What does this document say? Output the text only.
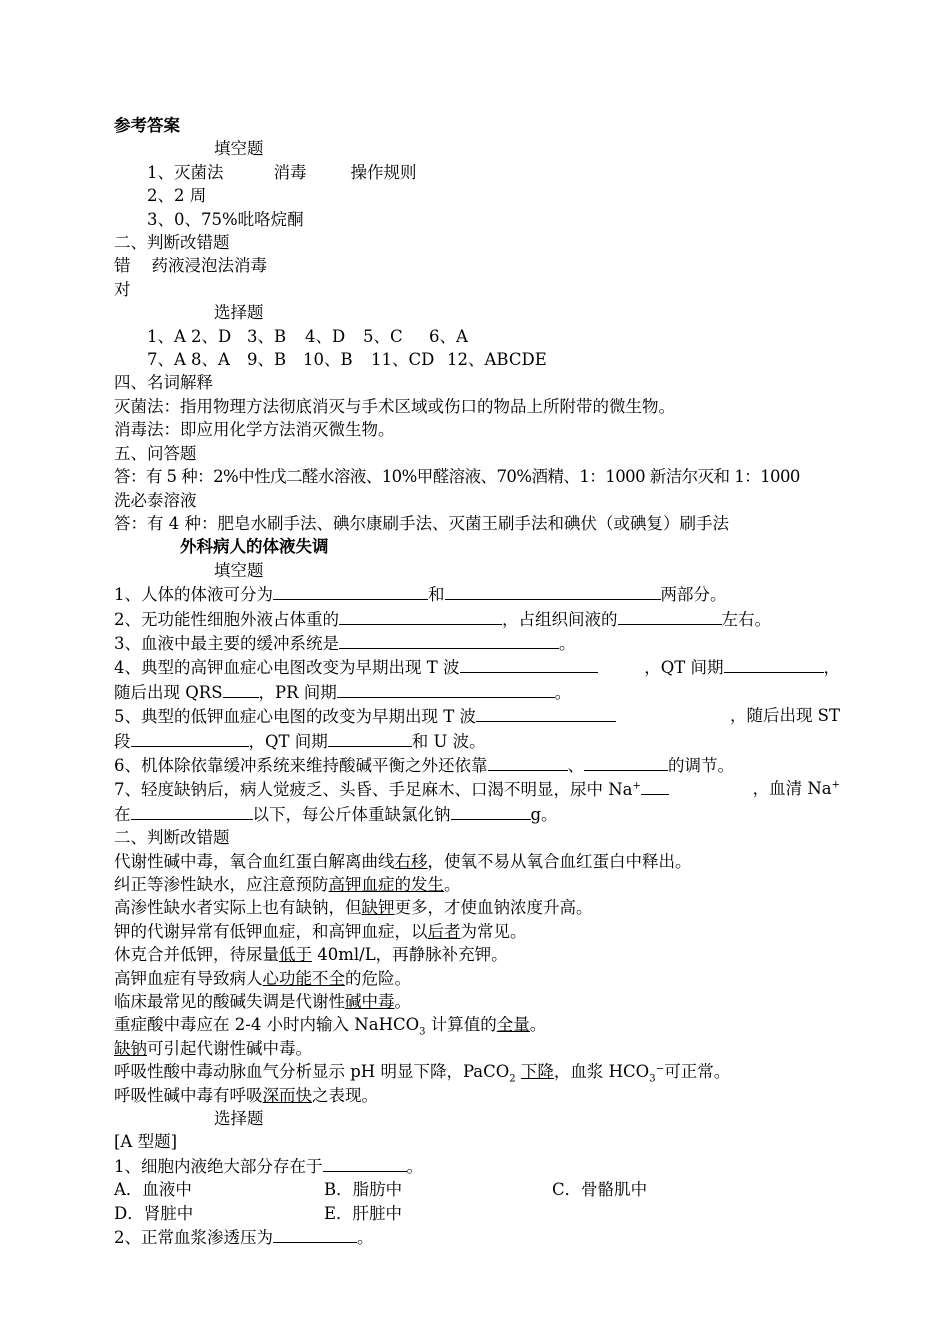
参考答案

填空题

1、灭菌法	消毒	操作规则

2、2 周

3、0、75%吡咯烷酮

二、判断改错题

错    药液浸泡法消毒

对

选择题

1、A 2、D 3、B 4、D 5、C 6、A

7、A 8、A 9、B 10、B 11、CD 12、ABCDE

四、名词解释

灭菌法：指用物理方法彻底消灭与手术区域或伤口的物品上所附带的微生物。

消毒法：即应用化学方法消灭微生物。

五、问答题

答：有 5 种：2%中性戊二醛水溶液、10%甲醛溶液、70%酒精、1：1000 新洁尔灭和 1：1000

洗必泰溶液

答：有 4 种：肥皂水刷手法、碘尔康刷手法、灭菌王刷手法和碘伏（或碘复）刷手法

外科病人的体液失调

填空题

1、人体的体液可分为	和	两部分。

2、无功能性细胞外液占体重的	，占组织间液的	左右。

3、血液中最主要的缓冲系统是	。

4、典型的高钾血症心电图改变为早期出现 T 波	，QT 间期	，

随后出现 QRS ，PR 间期	。

5、典型的低钾血症心电图的改变为早期出现 T 波	，随后出现 ST

段	，QT 间期	和 U 波。

6、机体除依靠缓冲系统来维持酸碱平衡之外还依靠	、	的调节。

7、轻度缺钠后，病人觉疲乏、头昏、手足麻木、口渴不明显，尿中 Na+	，血清 Na+

在	以下，每公斤体重缺氯化钠	g。

二、判断改错题

代谢性碱中毒，氧合血红蛋白解离曲线右移，使氧不易从氧合血红蛋白中释出。

纠正等渗性缺水，应注意预防高钾血症的发生。

高渗性缺水者实际上也有缺钠，但缺钾更多，才使血钠浓度升高。

钾的代谢异常有低钾血症，和高钾血症，以后者为常见。

休克合并低钾，待尿量低于 40ml/L，再静脉补充钾。

高钾血症有导致病人心功能不全的危险。

临床最常见的酸碱失调是代谢性碱中毒。

重症酸中毒应在 2-4 小时内输入 NaHCO$_3$ 计算值的全量。

缺钠可引起代谢性碱中毒。

呼吸性酸中毒动脉血气分析显示 pH 明显下降，PaCO$_2$ 下降，血浆 $HCO_3^-$可正常。

呼吸性碱中毒有呼吸深而快之表现。

选择题

[A 型题]

1、细胞内液绝大部分存在于	。

A．血液中	B．脂肪中	C．骨骼肌中

D．肾脏中	E．肝脏中

2、正常血浆渗透压为	。
